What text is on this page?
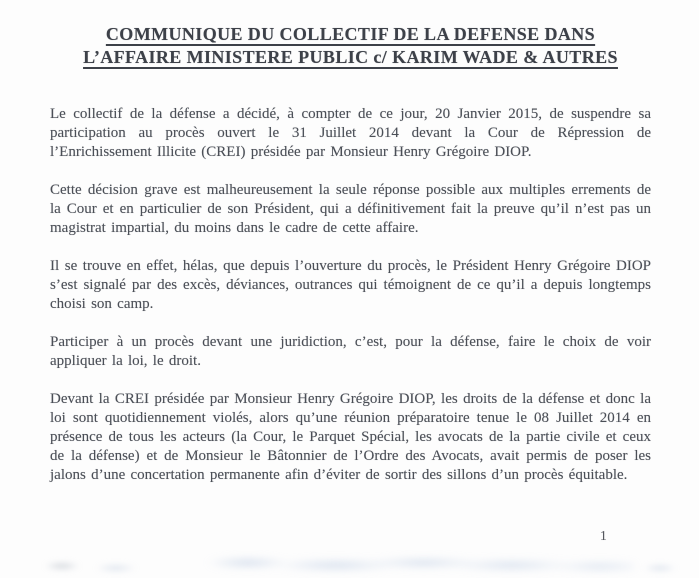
COMMUNIQUE DU COLLECTIF DE LA DEFENSE DANS
L’AFFAIRE MINISTERE PUBLIC c/ KARIM WADE & AUTRES

Le collectif de la défense a décidé, à compter de ce jour, 20 Janvier 2015, de suspendre sa participation au procès ouvert le 31 Juillet 2014 devant la Cour de Répression de l’Enrichissement Illicite (CREI) présidée par Monsieur Henry Grégoire DIOP.

Cette décision grave est malheureusement la seule réponse possible aux multiples errements de la Cour et en particulier de son Président, qui a définitivement fait la preuve qu’il n’est pas un magistrat impartial, du moins dans le cadre de cette affaire.

Il se trouve en effet, hélas, que depuis l’ouverture du procès, le Président Henry Grégoire DIOP s’est signalé par des excès, déviances, outrances qui témoignent de ce qu’il a depuis longtemps choisi son camp.

Participer à un procès devant une juridiction, c’est, pour la défense, faire le choix de voir appliquer la loi, le droit.

Devant la CREI présidée par Monsieur Henry Grégoire DIOP, les droits de la défense et donc la loi sont quotidiennement violés, alors qu’une réunion préparatoire tenue le 08 Juillet 2014 en présence de tous les acteurs (la Cour, le Parquet Spécial, les avocats de la partie civile et ceux de la défense) et de Monsieur le Bâtonnier de l’Ordre des Avocats, avait permis de poser les jalons d’une concertation permanente afin d’éviter de sortir des sillons d’un procès équitable.

1
